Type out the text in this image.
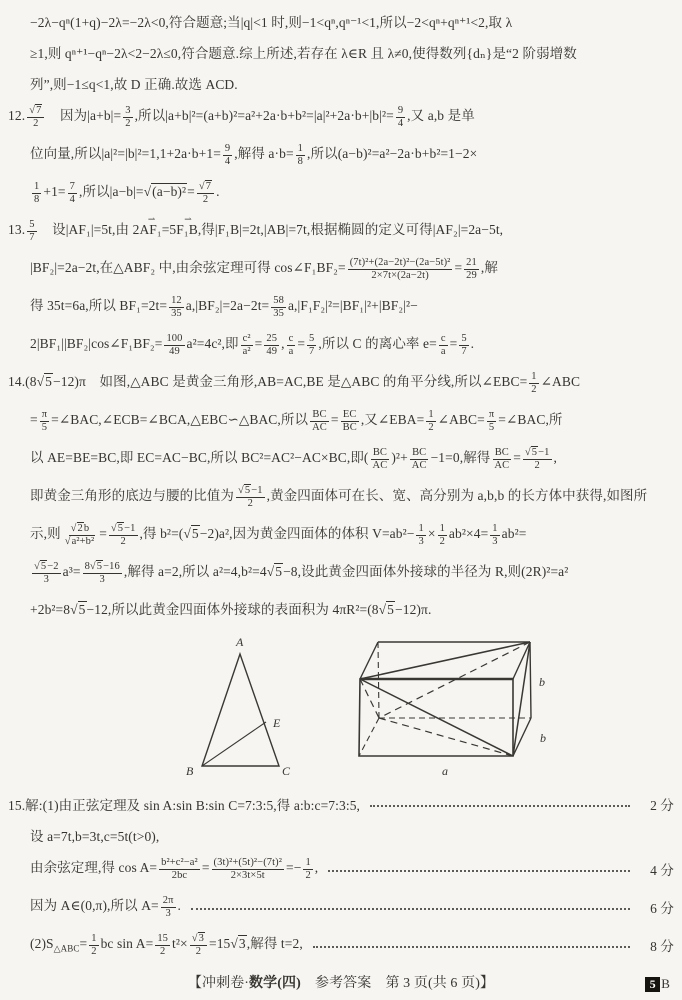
−2λ−qⁿ(1+q)−2λ=−2λ<0,符合题意;当|q|<1 时,则−1<qⁿ,qⁿ⁻¹<1,所以−2<qⁿ+qⁿ⁺¹<2,取 λ
≥1,则 qⁿ⁺¹−qⁿ−2λ<2−2λ≤0,符合题意.综上所述,若存在 λ∈R 且 λ≠0,使得数列{dₙ}是“2 阶弱增数
列”,则−1≤q<1,故 D 正确.故选 ACD.
12. $\frac{√7}{2}$ 　因为$|a+b|= \frac{3}{2}$ ,所以$|a+b|^2=(a+b)^2=a^2+2a\cdot b+b^2=|a|^2+2a\cdot b+|b|^2= \frac{9}{4}$ ,又 a,b 是单
位向量,所以$|a|^2=|b|^2=1,1+2a\cdot b+1= \frac{9}{4}$ ,解得 $a\cdot b= \frac{1}{8}$ ,所以(a−b)²=a²−2a·b+b²=1−2×
$\frac{1}{8} +1= \frac{7}{4}$ ,所以$|a-b|=√(a-b)^2= \frac{√7}{2}$ .
13. $\frac{5}{7}$ 　设|AF₁|=5t,由 2AF₁ ⇀=5F₁B ⇀,得|F₁B|=2t,|AB|=7t,根据椭圆的定义可得|AF₂|=2a−5t,
|BF₂|=2a−2t,在△ABF₂ 中,由余弦定理可得 cos∠F₁BF₂= $\frac{\text{(7t)²+(2a−2t)²−(2a−5t)²}}{2\times 7t\times(2a-2t)} = \frac{21}{29}$ ,解
得 35t=6a,所以 $BF_1=2t= \frac{12}{35} a,|BF_2|=2a-2t= \frac{58}{35} a,|F_1F_2|^2=|BF_1|^2+|BF_2|^2-$
2|BF₁||BF₂|cos∠F₁BF₂= $\frac{100}{49} a^2=4c^2$,即 $\frac{\text{c²}}{\text{a²}} = \frac{25}{49}$ , $\frac{c}{a} = \frac{5}{7}$ ,所以 C 的离心率 $e= \frac{c}{a} = \frac{5}{7}$ .
14.(8√5−12)π　如图,△ABC 是黄金三角形,AB=AC,BE 是△ABC 的角平分线,所以∠EBC= $\frac{1}{2}$ ∠ABC
= $\frac{\pi}{5}$ =∠BAC,∠ECB=∠BCA,△EBC∽△BAC,所以 $\frac{BC}{AC} = \frac{EC}{BC}$ ,又∠EBA= $\frac{1}{2}$ ∠ABC= $\frac{\pi}{5}$ =∠BAC,所
以 AE=BE=BC,即 EC=AC−BC,所以 BC²=AC²−AC×BC,即( $\frac{BC}{AC} )^2+ \frac{BC}{AC} -1=0$,解得 $\frac{BC}{AC} = \frac{√5-1}{2}$ ,
即黄金三角形的底边与腰的比值为 $\frac{√5-1}{2}$ ,黄金四面体可在长、宽、高分别为 a,b,b 的长方体中获得,如图所
示,则 $\frac{√2b}{\text{√a²+b²}} = \frac{√5-1}{2}$ ,得 b²=(√5−2)a²,因为黄金四面体的体积 $V=ab^2- \frac{1}{3} \times \frac{1}{2} ab^2\times 4= \frac{1}{3} ab^2=$
$\frac{√5-2}{3} a^3= \frac{8√5-16}{3}$ ,解得 a=2,所以 a²=4,b²=4√5−8,设此黄金四面体外接球的半径为 R,则(2R)²=a²
+2b²=8√5−12,所以此黄金四面体外接球的表面积为 4πR²=(8√5−12)π.
A
B	C
E
b
b
a
15.解:(1)由正弦定理及 sin A:sin B:sin C=7:3:5,得 a:b:c=7:3:5,	2 分
设 a=7t,b=3t,c=5t(t>0),
由余弦定理,得 $\cos A= \frac{\text{b²+c²−a²}}{2bc} = \frac{\text{(3t)²+(5t)²−(7t)²}}{2\times 3t\times 5t} =- \frac{1}{2}$ ,	4 分
因为 A∈(0,π),所以 $A= \frac{2\pi}{3}$ .	6 分
$(2)S_{\triangle ABC}= \frac{1}{2}$ bc $\sin A= \frac{15}{2} t^2\times \frac{√3}{2} =15√3$,解得 t=2,	8 分
【冲刺卷·数学(四)　参考答案　第 3 页(共 6 页)】	5 B
